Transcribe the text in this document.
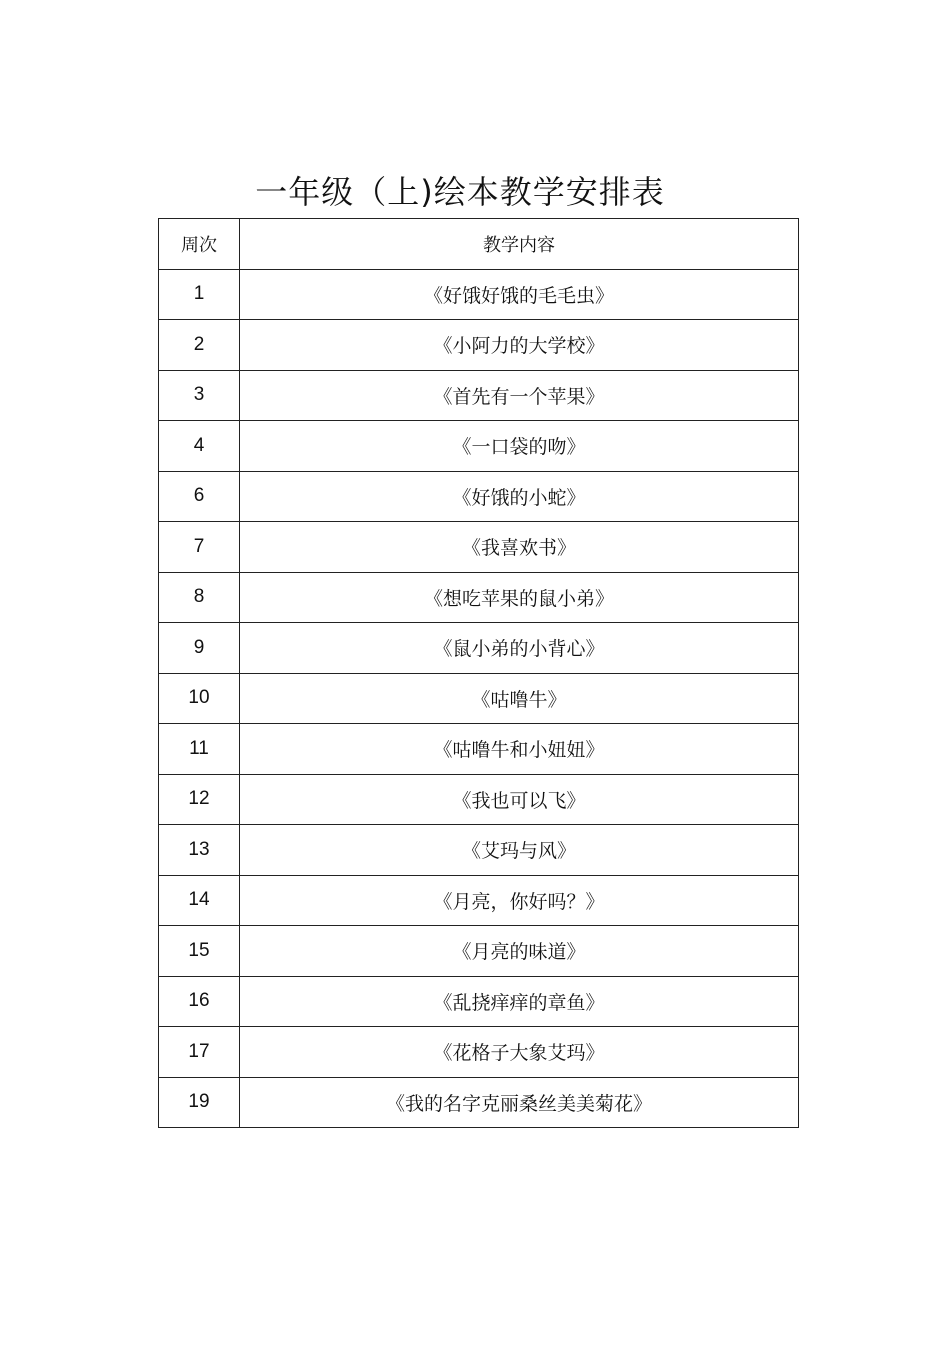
一年级（上)绘本教学安排表
周次	教学内容
1	《好饿好饿的毛毛虫》
2	《小阿力的大学校》
3	《首先有一个苹果》
4	《一口袋的吻》
6	《好饿的小蛇》
7	《我喜欢书》
8	《想吃苹果的鼠小弟》
9	《鼠小弟的小背心》
10	《咕噜牛》
11	《咕噜牛和小妞妞》
12	《我也可以飞》
13	《艾玛与风》
14	《月亮，你好吗？》
15	《月亮的味道》
16	《乱挠痒痒的章鱼》
17	《花格子大象艾玛》
19	《我的名字克丽桑丝美美菊花》
